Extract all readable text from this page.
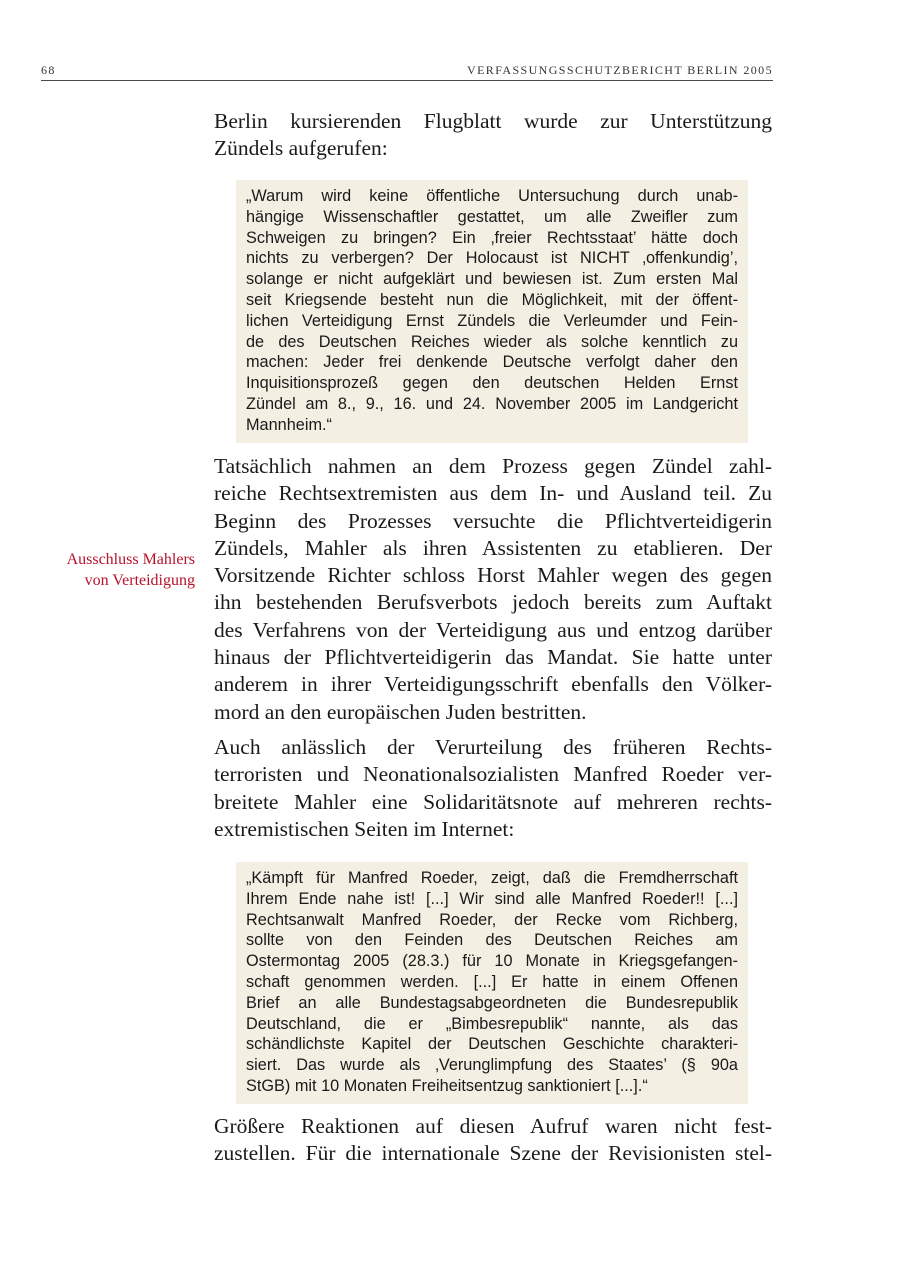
68	VERFASSUNGSSCHUTZBERICHT BERLIN 2005
Berlin kursierenden Flugblatt wurde zur Unterstützung
Zündels aufgerufen:
„Warum wird keine öffentliche Untersuchung durch unab-
hängige Wissenschaftler gestattet, um alle Zweifler zum
Schweigen zu bringen? Ein ‚freier Rechtsstaat’ hätte doch
nichts zu verbergen? Der Holocaust ist NICHT ‚offenkundig’,
solange er nicht aufgeklärt und bewiesen ist. Zum ersten Mal
seit Kriegsende besteht nun die Möglichkeit, mit der öffent-
lichen Verteidigung Ernst Zündels die Verleumder und Fein-
de des Deutschen Reiches wieder als solche kenntlich zu
machen: Jeder frei denkende Deutsche verfolgt daher den
Inquisitionsprozeß gegen den deutschen Helden Ernst
Zündel am 8., 9., 16. und 24. November 2005 im Landgericht
Mannheim.“
Ausschluss Mahlers
von Verteidigung
Tatsächlich nahmen an dem Prozess gegen Zündel zahl-
reiche Rechtsextremisten aus dem In- und Ausland teil. Zu
Beginn des Prozesses versuchte die Pflichtverteidigerin
Zündels, Mahler als ihren Assistenten zu etablieren. Der
Vorsitzende Richter schloss Horst Mahler wegen des gegen
ihn bestehenden Berufsverbots jedoch bereits zum Auftakt
des Verfahrens von der Verteidigung aus und entzog darüber
hinaus der Pflichtverteidigerin das Mandat. Sie hatte unter
anderem in ihrer Verteidigungsschrift ebenfalls den Völker-
mord an den europäischen Juden bestritten.
Auch anlässlich der Verurteilung des früheren Rechts-
terroristen und Neonationalsozialisten Manfred Roeder ver-
breitete Mahler eine Solidaritätsnote auf mehreren rechts-
extremistischen Seiten im Internet:
„Kämpft für Manfred Roeder, zeigt, daß die Fremdherrschaft
Ihrem Ende nahe ist! [...] Wir sind alle Manfred Roeder!! [...]
Rechtsanwalt Manfred Roeder, der Recke vom Richberg,
sollte von den Feinden des Deutschen Reiches am
Ostermontag 2005 (28.3.) für 10 Monate in Kriegsgefangen-
schaft genommen werden. [...] Er hatte in einem Offenen
Brief an alle Bundestagsabgeordneten die Bundesrepublik
Deutschland, die er „Bimbesrepublik“ nannte, als das
schändlichste Kapitel der Deutschen Geschichte charakteri-
siert. Das wurde als ‚Verunglimpfung des Staates’ (§ 90a
StGB) mit 10 Monaten Freiheitsentzug sanktioniert [...].“
Größere Reaktionen auf diesen Aufruf waren nicht fest-
zustellen. Für die internationale Szene der Revisionisten stel-
